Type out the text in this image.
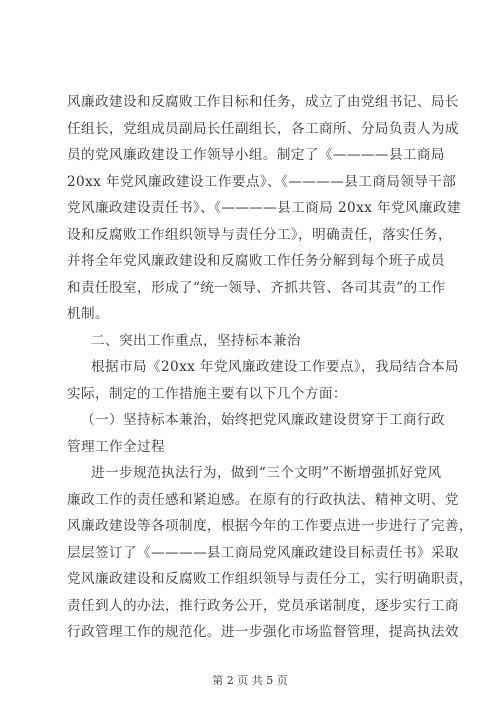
风廉政建设和反腐败工作目标和任务，成立了由党组书记、局长
任组长，党组成员副局长任副组长，各工商所、分局负责人为成
员的党风廉政建设工作领导小组。制定了《————县工商局
20xx 年党风廉政建设工作要点》、《————县工商局领导干部
党风廉政建设责任书》、《————县工商局 20xx 年党风廉政建
设和反腐败工作组织领导与责任分工》，明确责任，落实任务，
并将全年党风廉政建设和反腐败工作任务分解到每个班子成员
和责任股室，形成了“统一领导、齐抓共管、各司其责”的工作
机制。
二、突出工作重点，坚持标本兼治
根据市局《20xx 年党风廉政建设工作要点》，我局结合本局
实际，制定的工作措施主要有以下几个方面：
（一）坚持标本兼治，始终把党风廉政建设贯穿于工商行政
管理工作全过程
进一步规范执法行为，做到“三个文明”不断增强抓好党风
廉政工作的责任感和紧迫感。在原有的行政执法、精神文明、党
风廉政建设等各项制度，根据今年的工作要点进一步进行了完善，
层层签订了《————县工商局党风廉政建设目标责任书》采取
党风廉政建设和反腐败工作组织领导与责任分工，实行明确职责，
责任到人的办法，推行政务公开，党员承诺制度，逐步实行工商
行政管理工作的规范化。进一步强化市场监督管理，提高执法效
第 2 页 共 5 页
